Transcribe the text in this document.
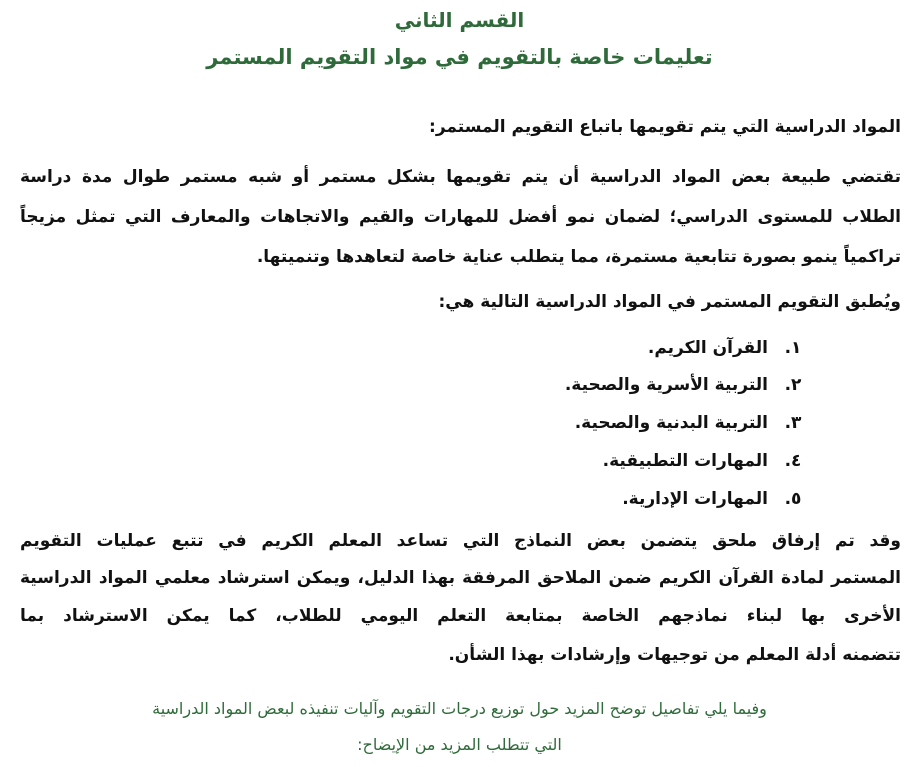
القسم الثاني
تعليمات خاصة بالتقويم في مواد التقويم المستمر
المواد الدراسية التي يتم تقويمها باتباع التقويم المستمر:
تقتضي طبيعة بعض المواد الدراسية أن يتم تقويمها بشكل مستمر أو شبه مستمر طوال مدة دراسة
الطلاب للمستوى الدراسي؛ لضمان نمو أفضل للمهارات والقيم والاتجاهات والمعارف التي تمثل مزيجاً
تراكمياً ينمو بصورة تتابعية مستمرة، مما يتطلب عناية خاصة لتعاهدها وتنميتها.
ويُطبق التقويم المستمر في المواد الدراسية التالية هي:
١.
القرآن الكريم.
٢.
التربية الأسرية والصحية.
٣.
التربية البدنية والصحية.
٤.
المهارات التطبيقية.
٥.
المهارات الإدارية.
وقد تم إرفاق ملحق يتضمن بعض النماذج التي تساعد المعلم الكريم في تتبع عمليات التقويم
المستمر لمادة القرآن الكريم ضمن الملاحق المرفقة بهذا الدليل، ويمكن استرشاد معلمي المواد الدراسية
الأخرى بها لبناء نماذجهم الخاصة بمتابعة التعلم اليومي للطلاب، كما يمكن الاسترشاد بما
تتضمنه أدلة المعلم من توجيهات وإرشادات بهذا الشأن.
وفيما يلي تفاصيل توضح المزيد حول توزيع درجات التقويم وآليات تنفيذه لبعض المواد الدراسية
التي تتطلب المزيد من الإيضاح:
